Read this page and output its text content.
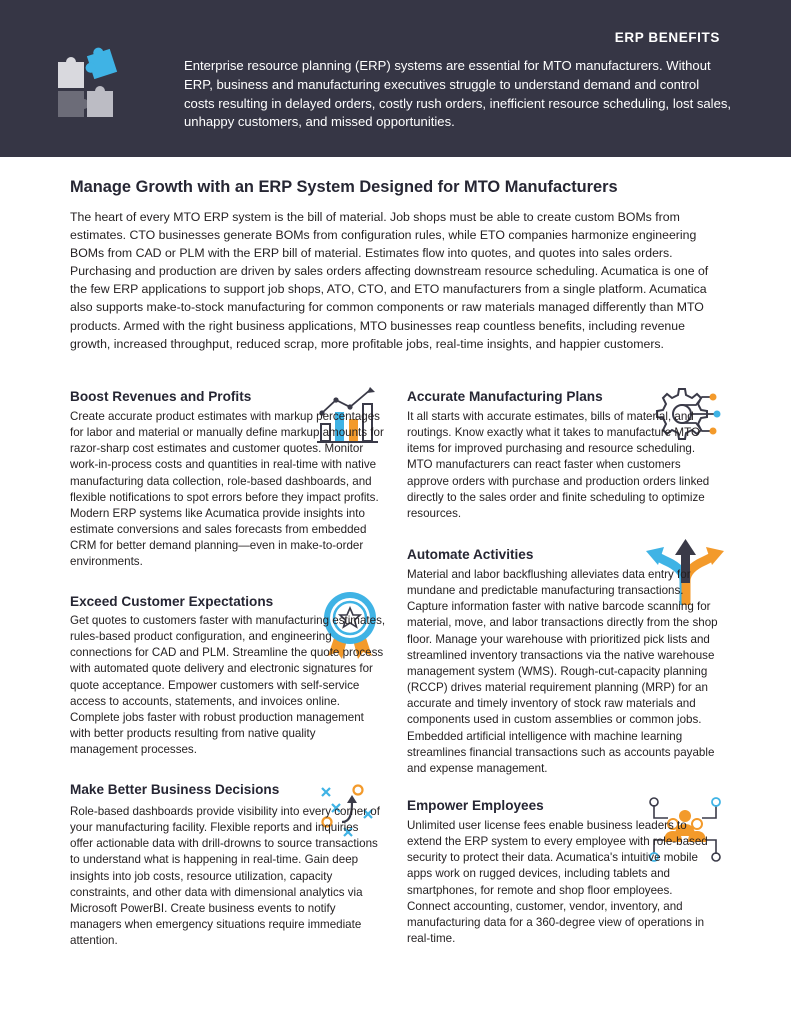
ERP BENEFITS

Enterprise resource planning (ERP) systems are essential for MTO manufacturers. Without ERP, business and manufacturing executives struggle to understand demand and control costs resulting in delayed orders, costly rush orders, inefficient resource scheduling, lost sales, unhappy customers, and missed opportunities.

Manage Growth with an ERP System Designed for MTO Manufacturers

The heart of every MTO ERP system is the bill of material. Job shops must be able to create custom BOMs from estimates. CTO businesses generate BOMs from configuration rules, while ETO companies harmonize engineering BOMs from CAD or PLM with the ERP bill of material. Estimates flow into quotes, and quotes into sales orders. Purchasing and production are driven by sales orders affecting downstream resource scheduling. Acumatica is one of the few ERP applications to support job shops, ATO, CTO, and ETO manufacturers from a single platform. Acumatica also supports make-to-stock manufacturing for common components or raw materials managed differently than MTO products. Armed with the right business applications, MTO businesses reap countless benefits, including revenue growth, increased throughput, reduced scrap, more profitable jobs, real-time insights, and happier customers.

Boost Revenues and Profits

Create accurate product estimates with markup percentages for labor and material or manually define markup amounts for razor-sharp cost estimates and customer quotes. Monitor work-in-process costs and quantities in real-time with native manufacturing data collection, role-based dashboards, and flexible notifications to spot errors before they impact profits. Modern ERP systems like Acumatica provide insights into estimate conversions and sales forecasts from embedded CRM for better demand planning—even in make-to-order environments.

Exceed Customer Expectations

Get quotes to customers faster with manufacturing estimates, rules-based product configuration, and engineering connections for CAD and PLM. Streamline the quote process with automated quote delivery and electronic signatures for quote acceptance. Empower customers with self-service access to accounts, statements, and invoices online. Complete jobs faster with robust production management with better products resulting from native quality management processes.

Make Better Business Decisions

Role-based dashboards provide visibility into every corner of your manufacturing facility. Flexible reports and inquiries offer actionable data with drill-drowns to source transactions to understand what is happening in real-time. Gain deep insights into job costs, resource utilization, capacity constraints, and other data with dimensional analytics via Microsoft PowerBI. Create business events to notify managers when emergency situations require immediate attention.

Accurate Manufacturing Plans

It all starts with accurate estimates, bills of material, and routings. Know exactly what it takes to manufacture MTO items for improved purchasing and resource scheduling. MTO manufacturers can react faster when customers approve orders with purchase and production orders linked directly to the sales order and finite scheduling to optimize resources.

Automate Activities

Material and labor backflushing alleviates data entry for mundane and predictable manufacturing transactions. Capture information faster with native barcode scanning for material, move, and labor transactions directly from the shop floor. Manage your warehouse with prioritized pick lists and streamlined inventory transactions via the native warehouse management system (WMS). Rough-cut-capacity planning (RCCP) drives material requirement planning (MRP) for an accurate and timely inventory of stock raw materials and components used in custom assemblies or common jobs. Embedded artificial intelligence with machine learning streamlines financial transactions such as accounts payable and expense management.

Empower Employees

Unlimited user license fees enable business leaders to extend the ERP system to every employee with role-based security to protect their data. Acumatica's intuitive mobile apps work on rugged devices, including tablets and smartphones, for remote and shop floor employees. Connect accounting, customer, vendor, inventory, and manufacturing data for a 360-degree view of operations in real-time.
